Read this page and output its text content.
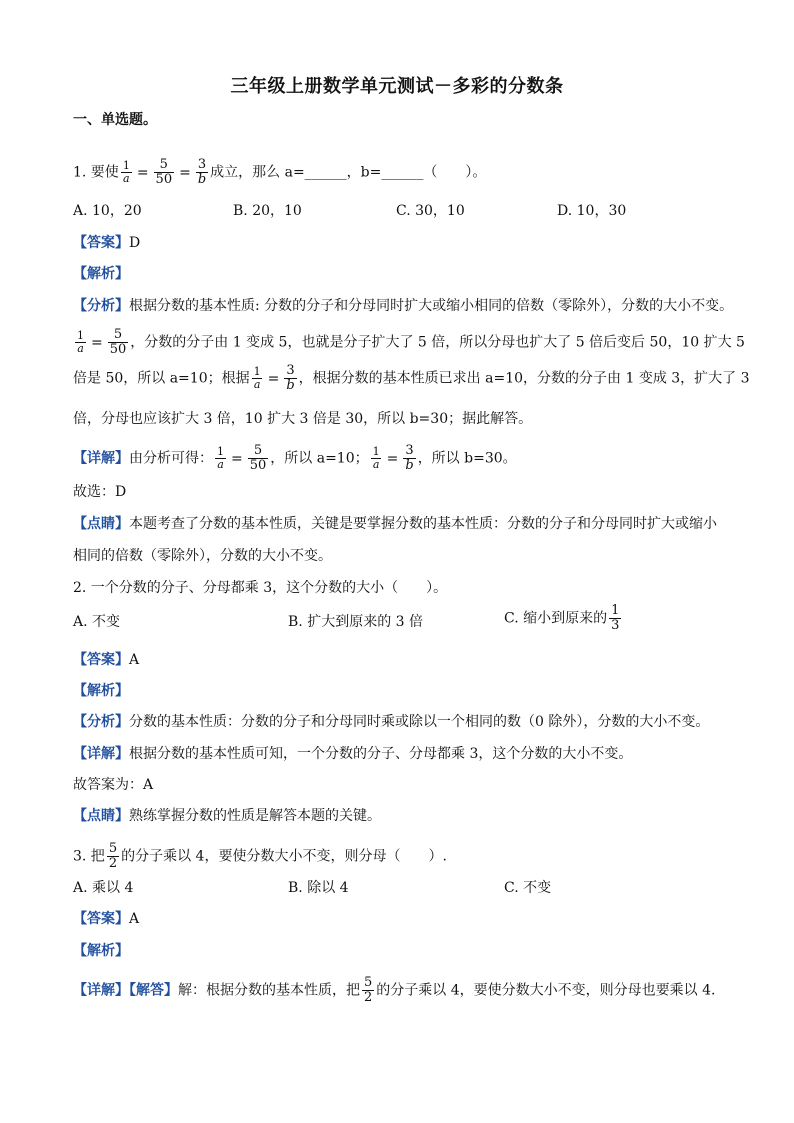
三年级上册数学单元测试－多彩的分数条
一、单选题。
1. 要使 $\frac{1}{a} = \frac{5}{50} = \frac{3}{b}$ 成立，那么 a=______，b=______（　　）。
A. 10，20	B. 20，10	C. 30，10	D. 10，30
【答案】D
【解析】
【分析】根据分数的基本性质: 分数的分子和分母同时扩大或缩小相同的倍数（零除外），分数的大小不变。
$\frac{1}{a} = \frac{5}{50}$ ，分数的分子由 1 变成 5，也就是分子扩大了 5 倍，所以分母也扩大了 5 倍后变后 50，10 扩大 5
倍是 50，所以 a=10；根据 $\frac{1}{a} = \frac{3}{b}$ ，根据分数的基本性质已求出 a=10，分数的分子由 1 变成 3，扩大了 3
倍，分母也应该扩大 3 倍，10 扩大 3 倍是 30，所以 b=30；据此解答。
【详解】由分析可得： $\frac{1}{a} = \frac{5}{50}$ ，所以 a=10； $\frac{1}{a} = \frac{3}{b}$ ，所以 b=30。
故选：D
【点睛】本题考查了分数的基本性质，关键是要掌握分数的基本性质：分数的分子和分母同时扩大或缩小
相同的倍数（零除外），分数的大小不变。
2. 一个分数的分子、分母都乘 3，这个分数的大小（　　）。
A. 不变	B. 扩大到原来的 3 倍	C. 缩小到原来的 $\frac{1}{3}$
【答案】A
【解析】
【分析】分数的基本性质：分数的分子和分母同时乘或除以一个相同的数（0 除外），分数的大小不变。
【详解】根据分数的基本性质可知，一个分数的分子、分母都乘 3，这个分数的大小不变。
故答案为：A
【点睛】熟练掌握分数的性质是解答本题的关键。
3. 把 $\frac{5}{2}$ 的分子乘以 4，要使分数大小不变，则分母（　　）.
A. 乘以 4	B. 除以 4	C. 不变
【答案】A
【解析】
【详解】【解答】解：根据分数的基本性质，把 $\frac{5}{2}$ 的分子乘以 4，要使分数大小不变，则分母也要乘以 4.
